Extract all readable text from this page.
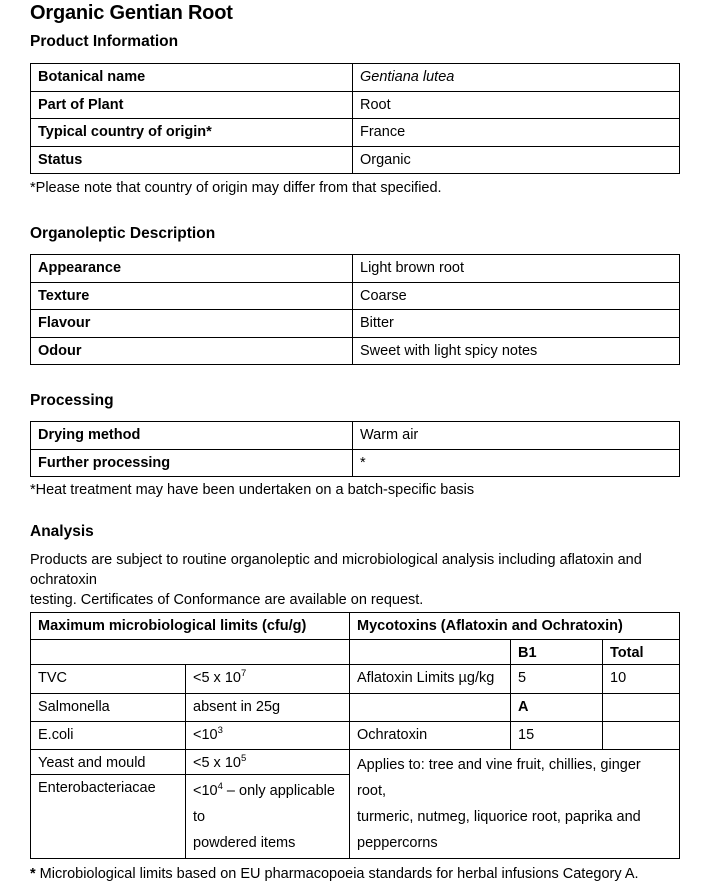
Organic Gentian Root
Product Information
Botanical name	Gentiana lutea
Part of Plant	Root
Typical country of origin*	France
Status	Organic
*Please note that country of origin may differ from that specified.
Organoleptic Description
Appearance	Light brown root
Texture	Coarse
Flavour	Bitter
Odour	Sweet with light spicy notes
Processing
Drying method	Warm air
Further processing	*
*Heat treatment may have been undertaken on a batch-specific basis
Analysis
Products are subject to routine organoleptic and microbiological analysis including aflatoxin and ochratoxin
testing. Certificates of Conformance are available on request.
Maximum microbiological limits (cfu/g)		Mycotoxins (Aflatoxin and Ochratoxin)		
			B1	Total
TVC	<5 x $10^7$	Aflatoxin Limits µg/kg	5	10
Salmonella	absent in 25g		A	
E.coli	$<10^3$	Ochratoxin	15	
Yeast and mould	<5 x $10^5$	Applies to: tree and vine fruit, chillies, ginger root,
turmeric, nutmeg, liquorice root, paprika and
peppercorns		

Enterobacteriacae	$<10^4$ – only applicable to
powdered items			
* Microbiological limits based on EU pharmacopoeia standards for herbal infusions Category A.
